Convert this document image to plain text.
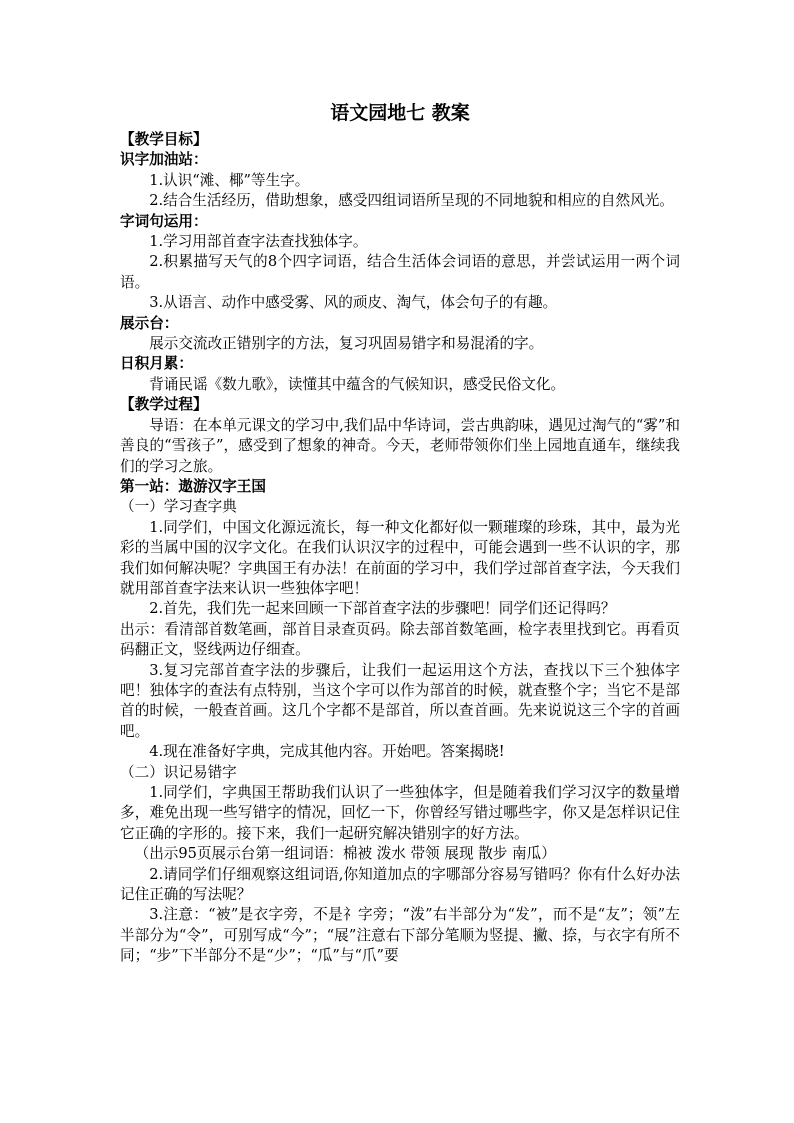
语文园地七 教案

【教学目标】

识字加油站：

1.认识“滩、椰”等生字。

2.结合生活经历，借助想象，感受四组词语所呈现的不同地貌和相应的自然风光。

字词句运用：

1.学习用部首查字法查找独体字。

2.积累描写天气的8个四字词语，结合生活体会词语的意思，并尝试运用一两个词语。

3.从语言、动作中感受雾、风的顽皮、淘气，体会句子的有趣。

展示台：

展示交流改正错别字的方法，复习巩固易错字和易混淆的字。

日积月累：

背诵民谣《数九歌》，读懂其中蕴含的气候知识，感受民俗文化。

【教学过程】

导语：在本单元课文的学习中,我们品中华诗词，尝古典韵味，遇见过淘气的“雾”和善良的“雪孩子”，感受到了想象的神奇。今天，老师带领你们坐上园地直通车，继续我们的学习之旅。

第一站：遨游汉字王国

（一）学习查字典

1.同学们，中国文化源远流长，每一种文化都好似一颗璀璨的珍珠，其中，最为光彩的当属中国的汉字文化。在我们认识汉字的过程中，可能会遇到一些不认识的字，那我们如何解决呢？字典国王有办法！在前面的学习中，我们学过部首查字法，今天我们就用部首查字法来认识一些独体字吧！

2.首先，我们先一起来回顾一下部首查字法的步骤吧！同学们还记得吗？

出示：看清部首数笔画，部首目录查页码。除去部首数笔画，检字表里找到它。再看页码翻正文，竖线两边仔细查。

3.复习完部首查字法的步骤后，让我们一起运用这个方法，查找以下三个独体字吧！独体字的查法有点特别，当这个字可以作为部首的时候，就查整个字；当它不是部首的时候，一般查首画。这几个字都不是部首，所以查首画。先来说说这三个字的首画吧。

4.现在准备好字典，完成其他内容。开始吧。答案揭晓!

（二）识记易错字

1.同学们，字典国王帮助我们认识了一些独体字，但是随着我们学习汉字的数量增多，难免出现一些写错字的情况，回忆一下，你曾经写错过哪些字，你又是怎样识记住它正确的字形的。接下来，我们一起研究解决错别字的好方法。

（出示95页展示台第一组词语：棉被 泼水 带领 展现 散步 南瓜）

2.请同学们仔细观察这组词语,你知道加点的字哪部分容易写错吗？你有什么好办法记住正确的写法呢？

3.注意：“被”是衣字旁，不是礻字旁；“泼”右半部分为“发”，而不是“友”；领”左半部分为“令”，可别写成“今”；“展”注意右下部分笔顺为竖提、撇、捺，与衣字有所不同；“步”下半部分不是“少”；“瓜”与“爪”要
